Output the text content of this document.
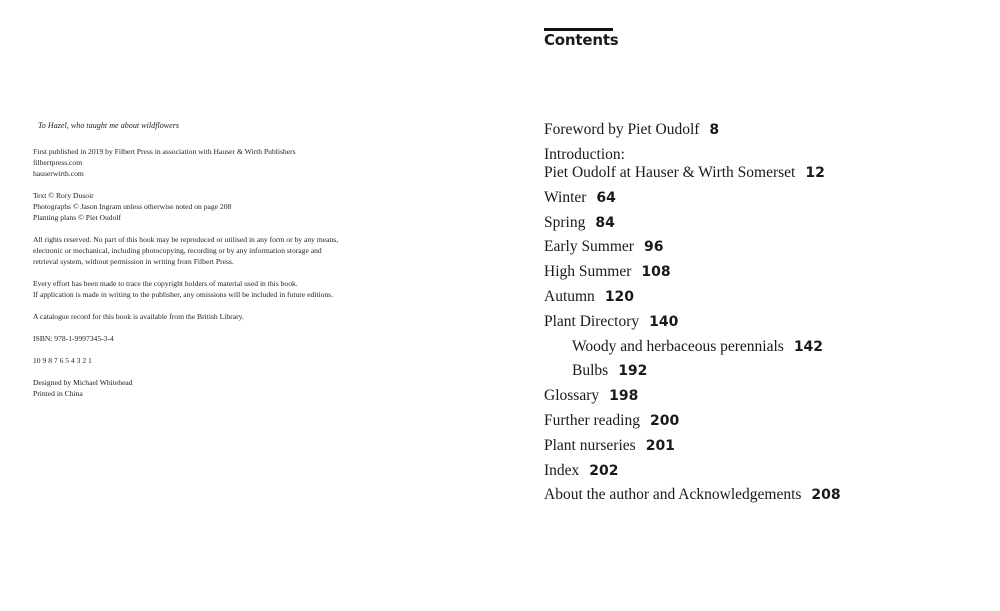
To Hazel, who taught me about wildflowers
First published in 2019 by Filbert Press in association with Hauser & Wirth Publishers
filbertpress.com
hauserwirth.com
Text © Rory Dusoir
Photographs © Jason Ingram unless otherwise noted on page 208
Planting plans © Piet Oudolf
All rights reserved. No part of this book may be reproduced or utilised in any form or by any means,
electronic or mechanical, including photocopying, recording or by any information storage and
retrieval system, without permission in writing from Filbert Press.
Every effort has been made to trace the copyright holders of material used in this book.
If application is made in writing to the publisher, any omissions will be included in future editions.
A catalogue record for this book is available from the British Library.
ISBN: 978-1-9997345-3-4
10 9 8 7 6 5 4 3 2 1
Designed by Michael Whitehead
Printed in China
Contents
Foreword by Piet Oudolf 8
Introduction:
Piet Oudolf at Hauser & Wirth Somerset 12
Winter 64
Spring 84
Early Summer 96
High Summer 108
Autumn 120
Plant Directory 140
Woody and herbaceous perennials 142
Bulbs 192
Glossary 198
Further reading 200
Plant nurseries 201
Index 202
About the author and Acknowledgements 208
